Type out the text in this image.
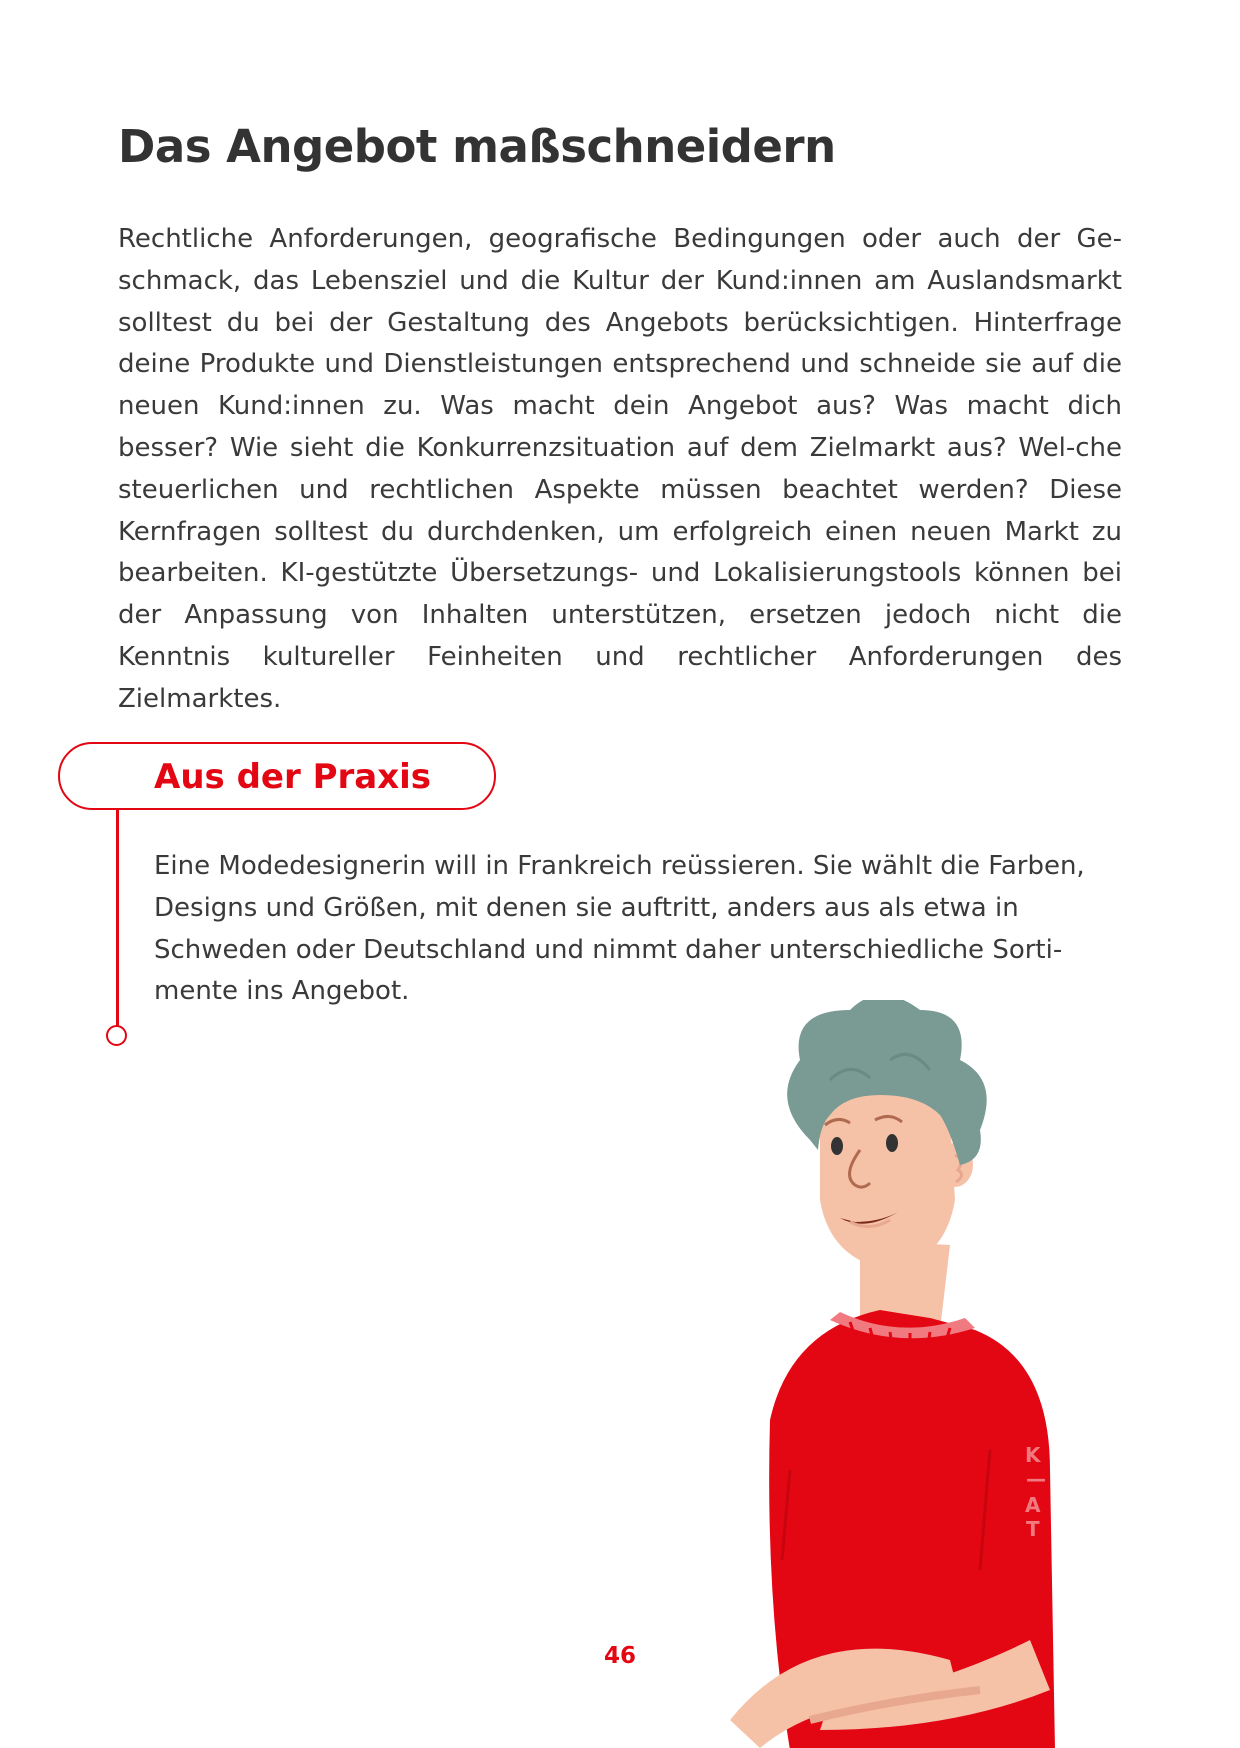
Das Angebot maßschneidern

Rechtliche Anforderungen, geografische Bedingungen oder auch der Ge-schmack, das Lebensziel und die Kultur der Kund:innen am Auslandsmarkt solltest du bei der Gestaltung des Angebots berücksichtigen. Hinterfrage deine Produkte und Dienstleistungen entsprechend und schneide sie auf die neuen Kund:innen zu. Was macht dein Angebot aus? Was macht dich besser? Wie sieht die Konkurrenzsituation auf dem Zielmarkt aus? Wel-che steuerlichen und rechtlichen Aspekte müssen beachtet werden? Diese Kernfragen solltest du durchdenken, um erfolgreich einen neuen Markt zu bearbeiten. KI-gestützte Übersetzungs- und Lokalisierungstools können bei der Anpassung von Inhalten unterstützen, ersetzen jedoch nicht die Kenntnis kultureller Feinheiten und rechtlicher Anforderungen des Zielmarktes.

Aus der Praxis

Eine Modedesignerin will in Frankreich reüssieren. Sie wählt die Farben, Designs und Größen, mit denen sie auftritt, anders aus als etwa in Schweden oder Deutschland und nimmt daher unterschiedliche Sorti-mente ins Angebot.

K
—
A
T
46
